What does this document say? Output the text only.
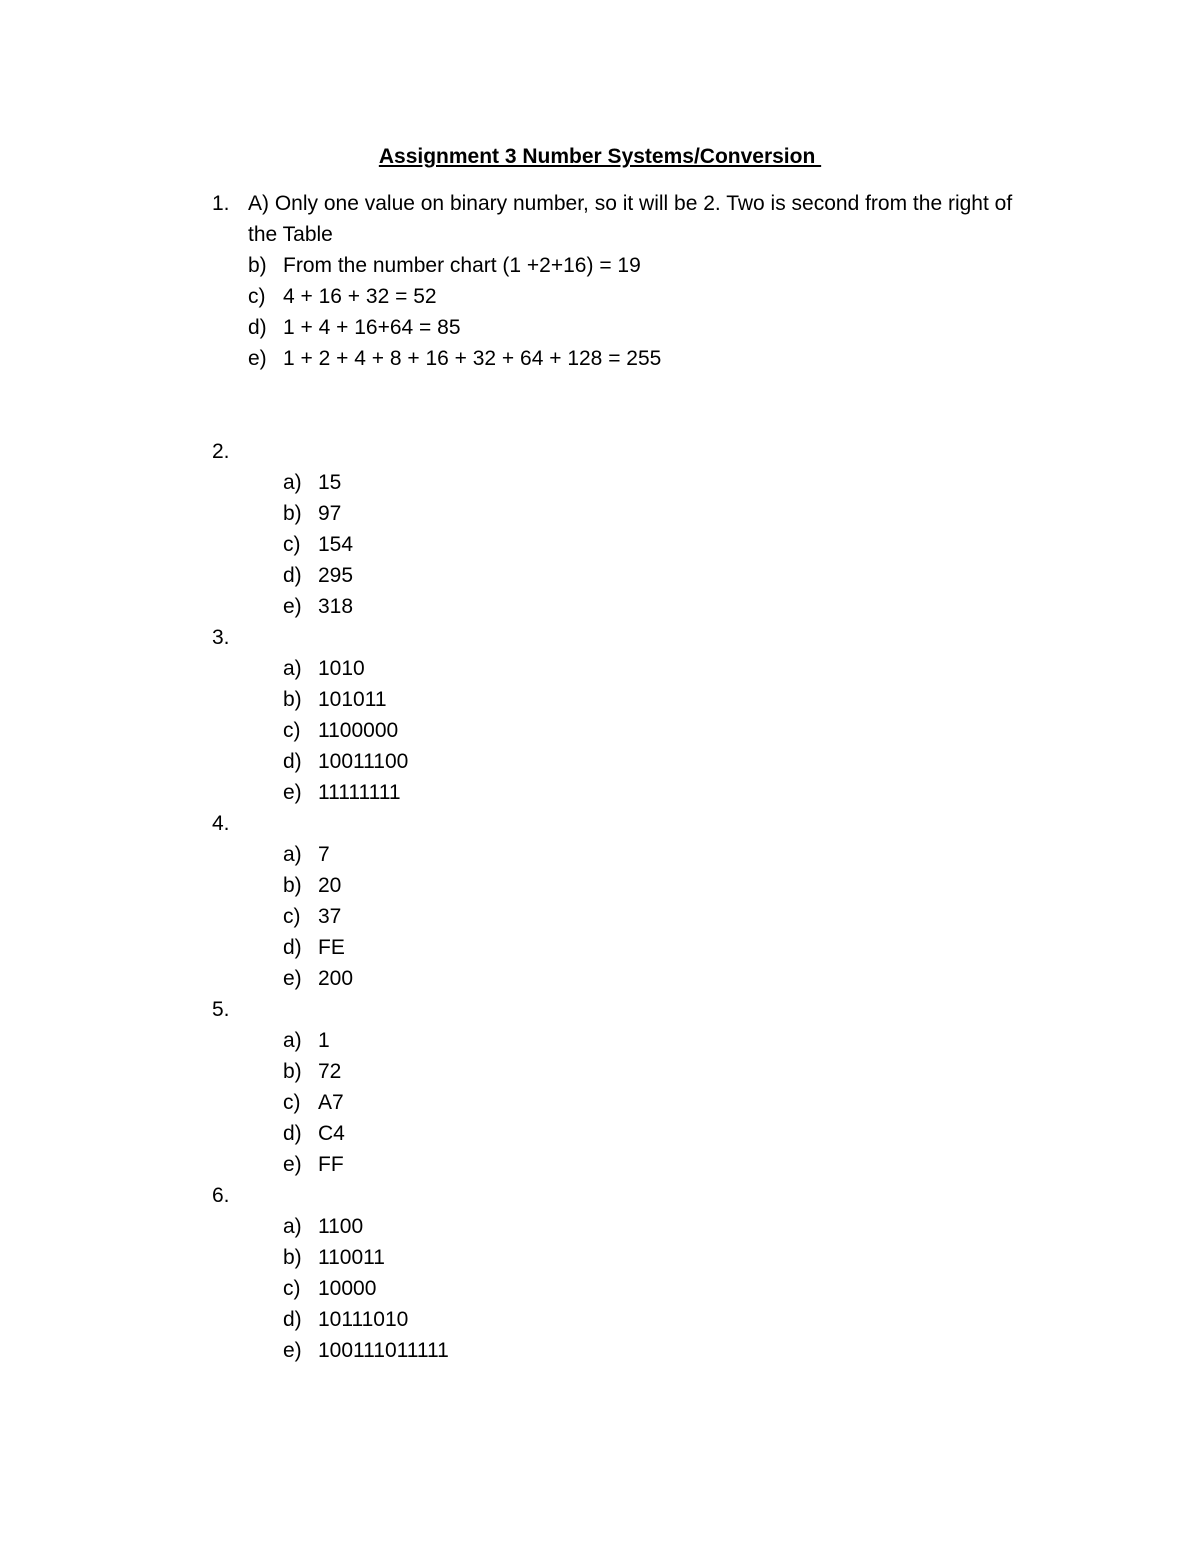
Assignment 3 Number Systems/Conversion
1. A) Only one value on binary number, so it will be 2. Two is second from the right of
the Table
b) From the number chart (1 +2+16) = 19
c) 4 + 16 + 32 = 52
d) 1 + 4 + 16+64 = 85
e) 1 + 2 + 4 + 8 + 16 + 32 + 64 + 128 = 255
2.
a) 15
b) 97
c) 154
d) 295
e) 318
3.
a) 1010
b) 101011
c) 1100000
d) 10011100
e) 11111111
4.
a) 7
b) 20
c) 37
d) FE
e) 200
5.
a) 1
b) 72
c) A7
d) C4
e) FF
6.
a) 1100
b) 110011
c) 10000
d) 10111010
e) 100111011111
